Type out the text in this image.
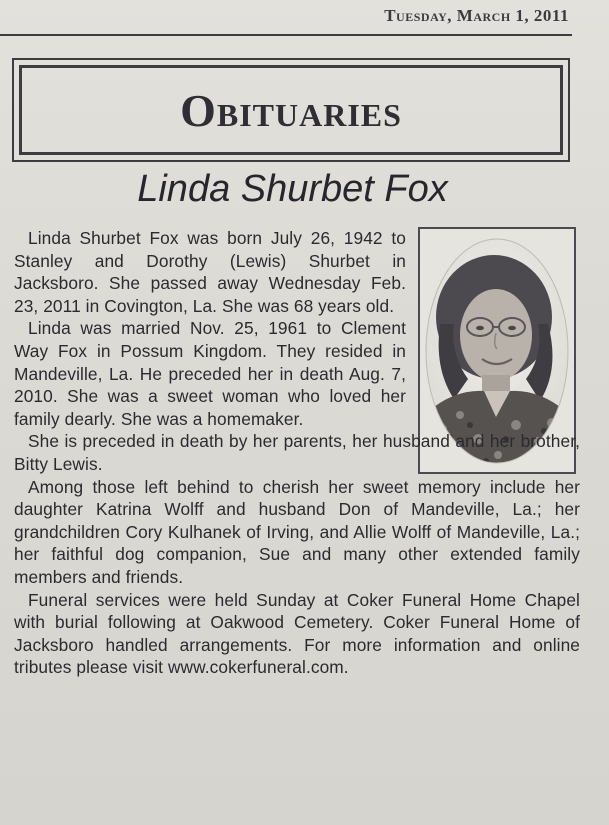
Tuesday, March 1, 2011
Obituaries
Linda Shurbet Fox

Linda Shurbet Fox was born July 26, 1942 to Stanley and Dorothy (Lewis) Shurbet in Jacksboro. She passed away Wednesday Feb. 23, 2011 in Covington, La. She was 68 years old.

Linda was married Nov. 25, 1961 to Clement Way Fox in Possum Kingdom. They resided in Mandeville, La. He preceded her in death Aug. 7, 2010. She was a sweet woman who loved her family dearly. She was a homemaker.

She is preceded in death by her parents, her husband and her brother, Bitty Lewis.

Among those left behind to cherish her sweet memory include her daughter Katrina Wolff and husband Don of Mandeville, La.; her grandchildren Cory Kulhanek of Irving, and Allie Wolff of Mandeville, La.; her faithful dog companion, Sue and many other extended family members and friends.

Funeral services were held Sunday at Coker Funeral Home Chapel with burial following at Oakwood Cemetery. Coker Funeral Home of Jacksboro handled arrangements. For more information and online tributes please visit www.cokerfuneral.com.
